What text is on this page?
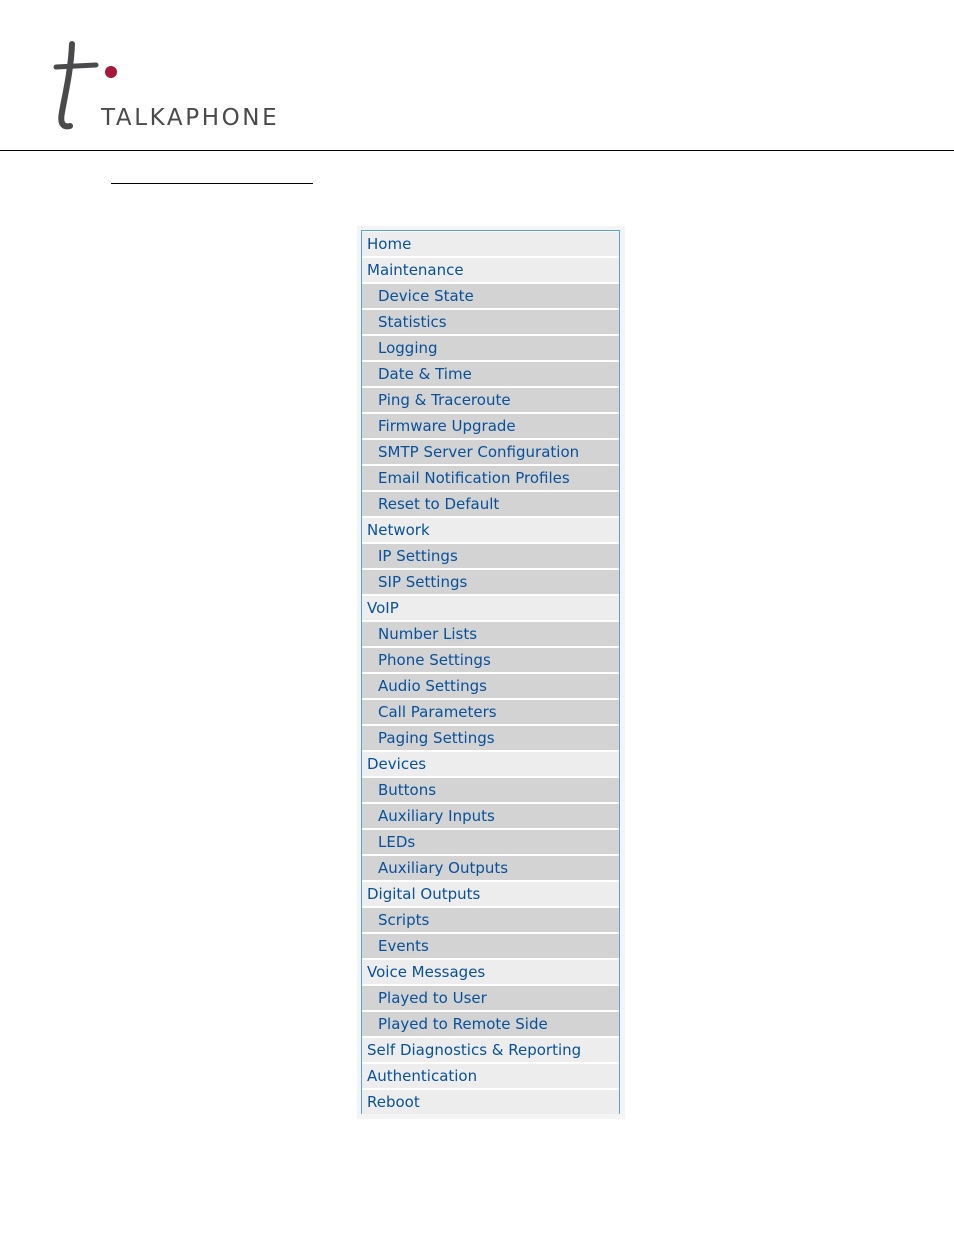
TALKAPHONE
Home
Maintenance
Device State
Statistics
Logging
Date & Time
Ping & Traceroute
Firmware Upgrade
SMTP Server Configuration
Email Notification Profiles
Reset to Default
Network
IP Settings
SIP Settings
VoIP
Number Lists
Phone Settings
Audio Settings
Call Parameters
Paging Settings
Devices
Buttons
Auxiliary Inputs
LEDs
Auxiliary Outputs
Digital Outputs
Scripts
Events
Voice Messages
Played to User
Played to Remote Side
Self Diagnostics & Reporting
Authentication
Reboot
